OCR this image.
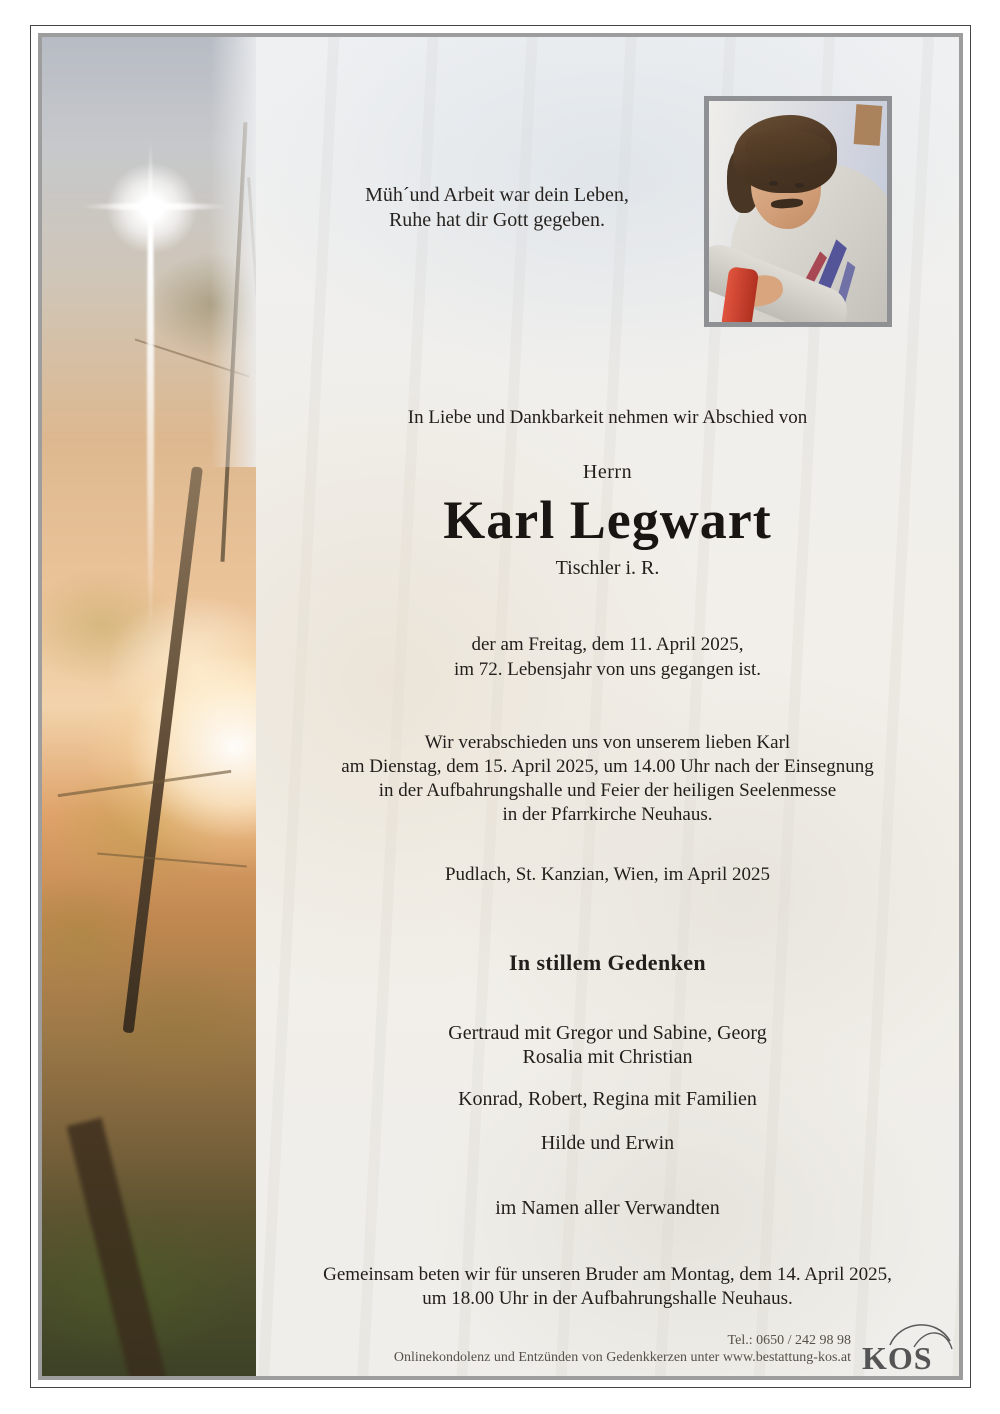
Müh´und Arbeit war dein Leben,
Ruhe hat dir Gott gegeben.
In Liebe und Dankbarkeit nehmen wir Abschied von
Herrn
Karl Legwart
Tischler i. R.
der am Freitag, dem 11. April 2025,
im 72. Lebensjahr von uns gegangen ist.
Wir verabschieden uns von unserem lieben Karl
am Dienstag, dem 15. April 2025, um 14.00 Uhr nach der Einsegnung
in der Aufbahrungshalle und Feier der heiligen Seelenmesse
in der Pfarrkirche Neuhaus.
Pudlach, St. Kanzian, Wien, im April 2025
In stillem Gedenken
Gertraud mit Gregor und Sabine, Georg
Rosalia mit Christian
Konrad, Robert, Regina mit Familien
Hilde und Erwin
im Namen aller Verwandten
Gemeinsam beten wir für unseren Bruder am Montag, dem 14. April 2025,
um 18.00 Uhr in der Aufbahrungshalle Neuhaus.
Tel.: 0650 / 242 98 98
Onlinekondolenz und Entzünden von Gedenkkerzen unter www.bestattung-kos.at KOS
